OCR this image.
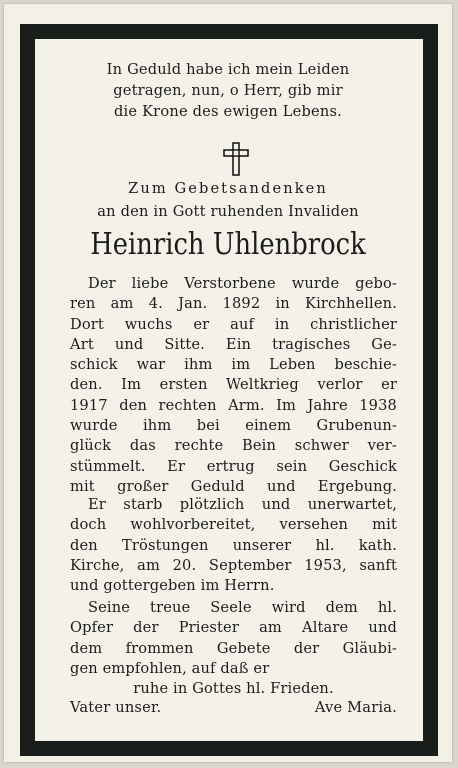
In Geduld habe ich mein Leiden
getragen, nun, o Herr, gib mir
die Krone des ewigen Lebens.

Zum Gebetsandenken
an den in Gott ruhenden Invaliden

Heinrich Uhlenbrock

Der liebe Verstorbene wurde gebo-
ren am 4. Jan. 1892 in Kirchhellen.
Dort wuchs er auf in christlicher
Art und Sitte. Ein tragisches Ge-
schick war ihm im Leben beschie-
den. Im ersten Weltkrieg verlor er
1917 den rechten Arm. Im Jahre 1938
wurde ihm bei einem Grubenun-
glück das rechte Bein schwer ver-
stümmelt. Er ertrug sein Geschick
mit großer Geduld und Ergebung.

Er starb plötzlich und unerwartet,
doch wohlvorbereitet, versehen mit
den Tröstungen unserer hl. kath.
Kirche, am 20. September 1953, sanft
und gottergeben im Herrn.

Seine treue Seele wird dem hl.
Opfer der Priester am Altare und
dem frommen Gebete der Gläubi-
gen empfohlen, auf daß er
ruhe in Gottes hl. Frieden.

Vater unser.	Ave Maria.
